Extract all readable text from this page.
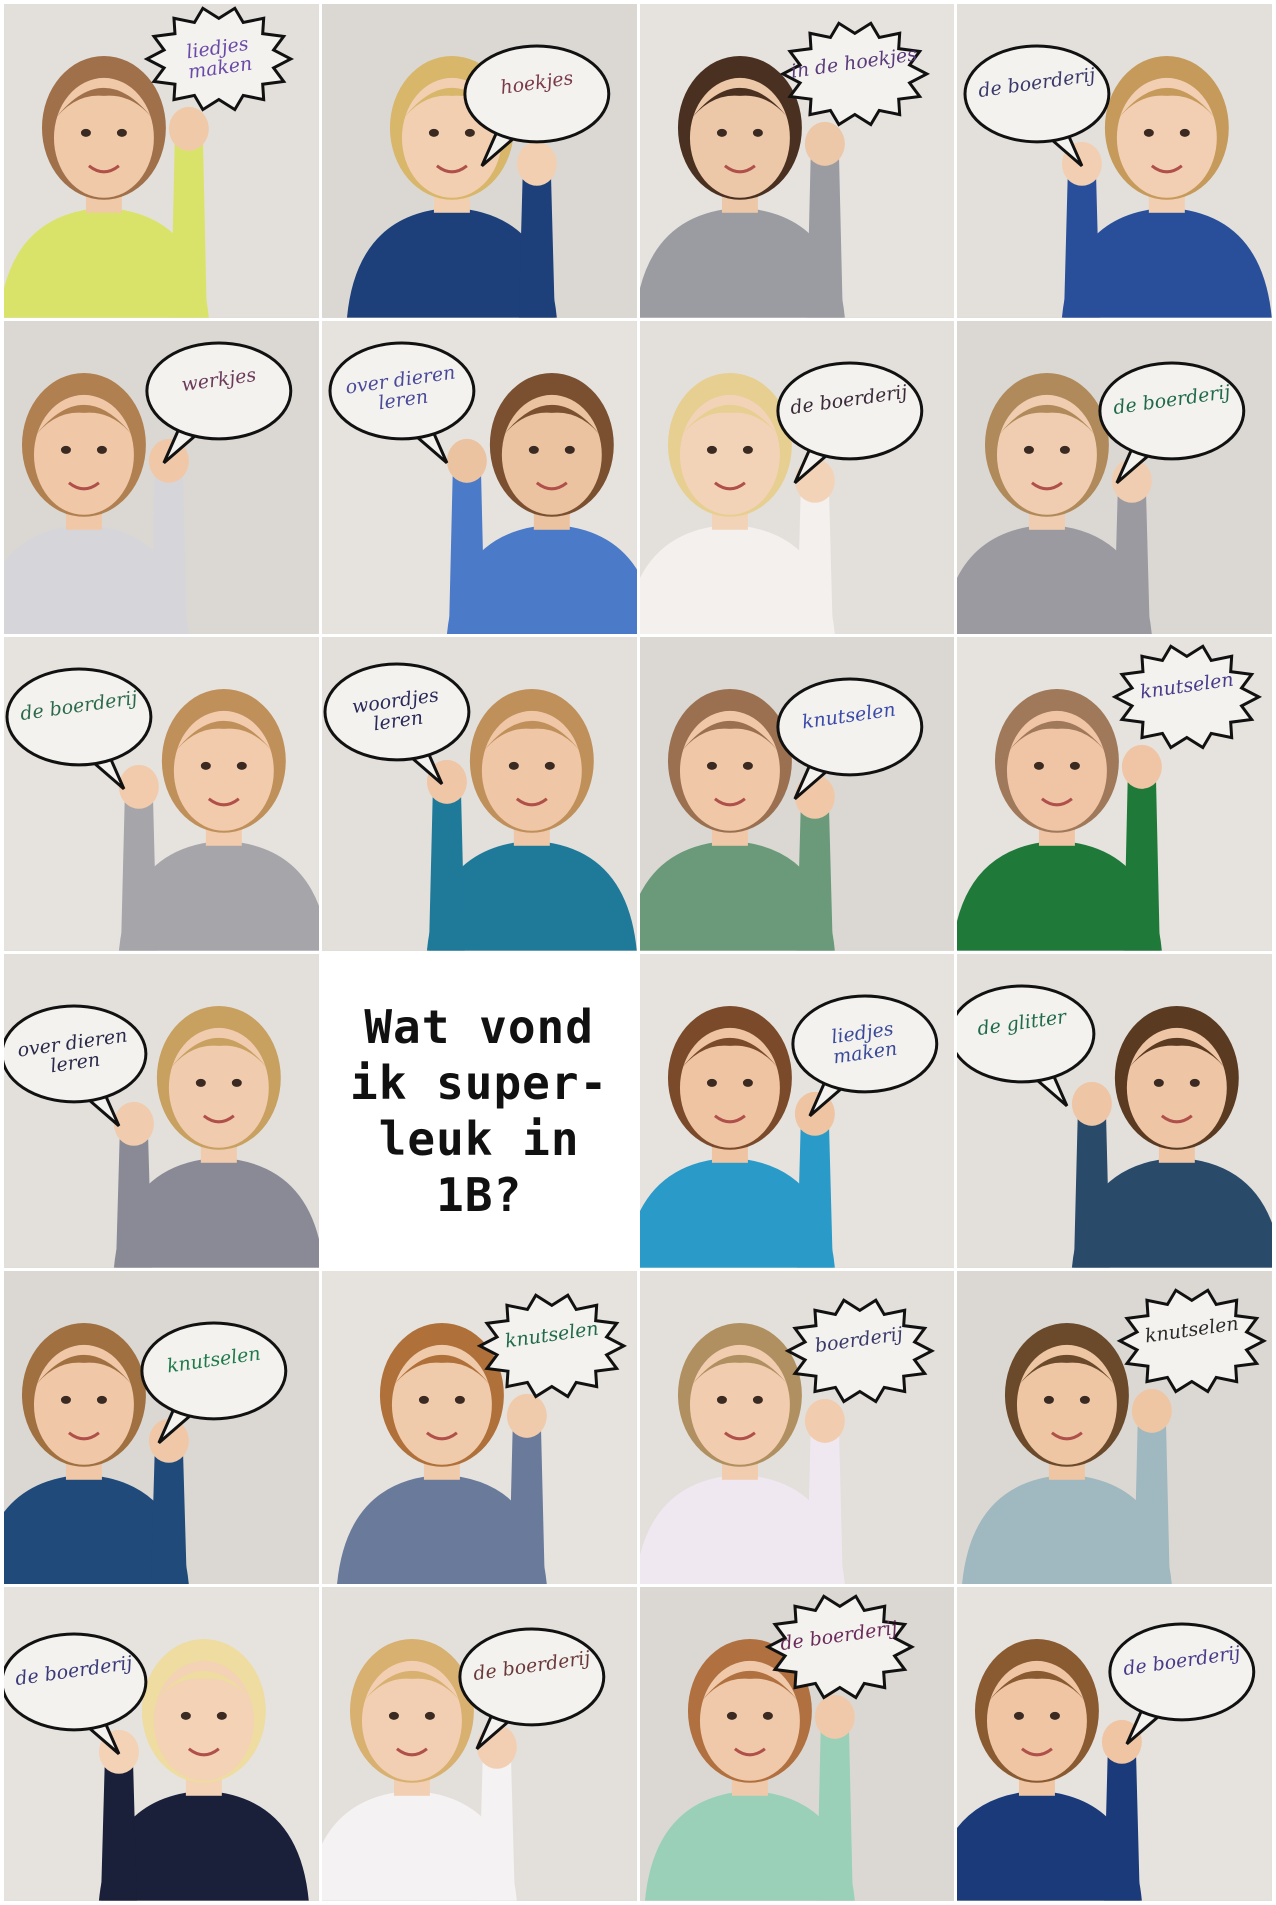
liedjes maken	hoekjes
in de hoekjes
de boerderij
werkjes	over dieren leren	de boerderij	de boerderij
de boerderij	woordjes leren	knutselen
knutselen
over dieren leren
Wat vond
ik super-
leuk in
1B?
liedjes maken
de glitter
knutselen
knutselen	boerderij	knutselen
de boerderij	de boerderij
de boerderij
de boerderij
